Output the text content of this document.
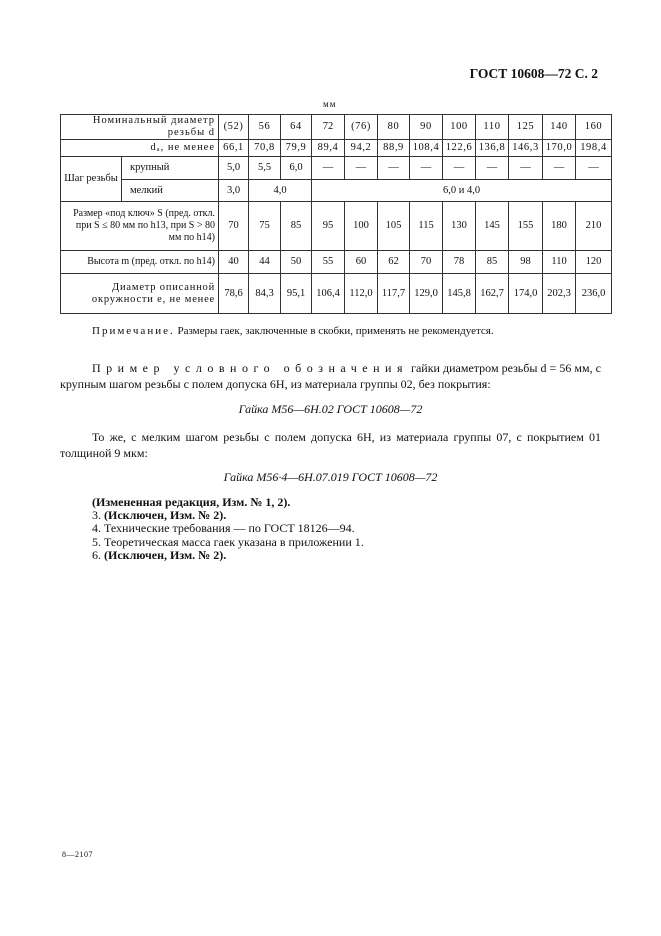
ГОСТ 10608—72 С. 2
мм
Номинальный диаметр резьбы d		(52)	56	64	72	(76)	80	90	100	110	125	140	160
dₐ, не менее		66,1	70,8	79,9	89,4	94,2	88,9	108,4	122,6	136,8	146,3	170,0	198,4
Шаг резьбы	крупный	5,0	5,5	6,0	—	—	—	—	—	—	—	—	—
	мелкий	3,0	4,0		6,0 и 4,0								
Размер «под ключ» S (пред. откл. при S ≤ 80 мм по h13, при S > 80 мм по h14)		70	75	85	95	100	105	115	130	145	155	180	210
Высота m (пред. откл. по h14)		40	44	50	55	60	62	70	78	85	98	110	120
Диаметр описанной окружности e, не менее		78,6	84,3	95,1	106,4	112,0	117,7	129,0	145,8	162,7	174,0	202,3	236,0
Примечание. Размеры гаек, заключенные в скобки, применять не рекомендуется.

Пример условного обозначения гайки диаметром резьбы d = 56 мм, с крупным шагом резьбы с полем допуска 6Н, из материала группы 02, без покрытия:

Гайка М56—6Н.02 ГОСТ 10608—72

То же, с мелким шагом резьбы с полем допуска 6Н, из материала группы 07, с покрытием 01 толщиной 9 мкм:

Гайка М56·4—6Н.07.019 ГОСТ 10608—72
(Измененная редакция, Изм. № 1, 2).
3. (Исключен, Изм. № 2).
4. Технические требования — по ГОСТ 18126—94.
5. Теоретическая масса гаек указана в приложении 1.
6. (Исключен, Изм. № 2).
8—2107
